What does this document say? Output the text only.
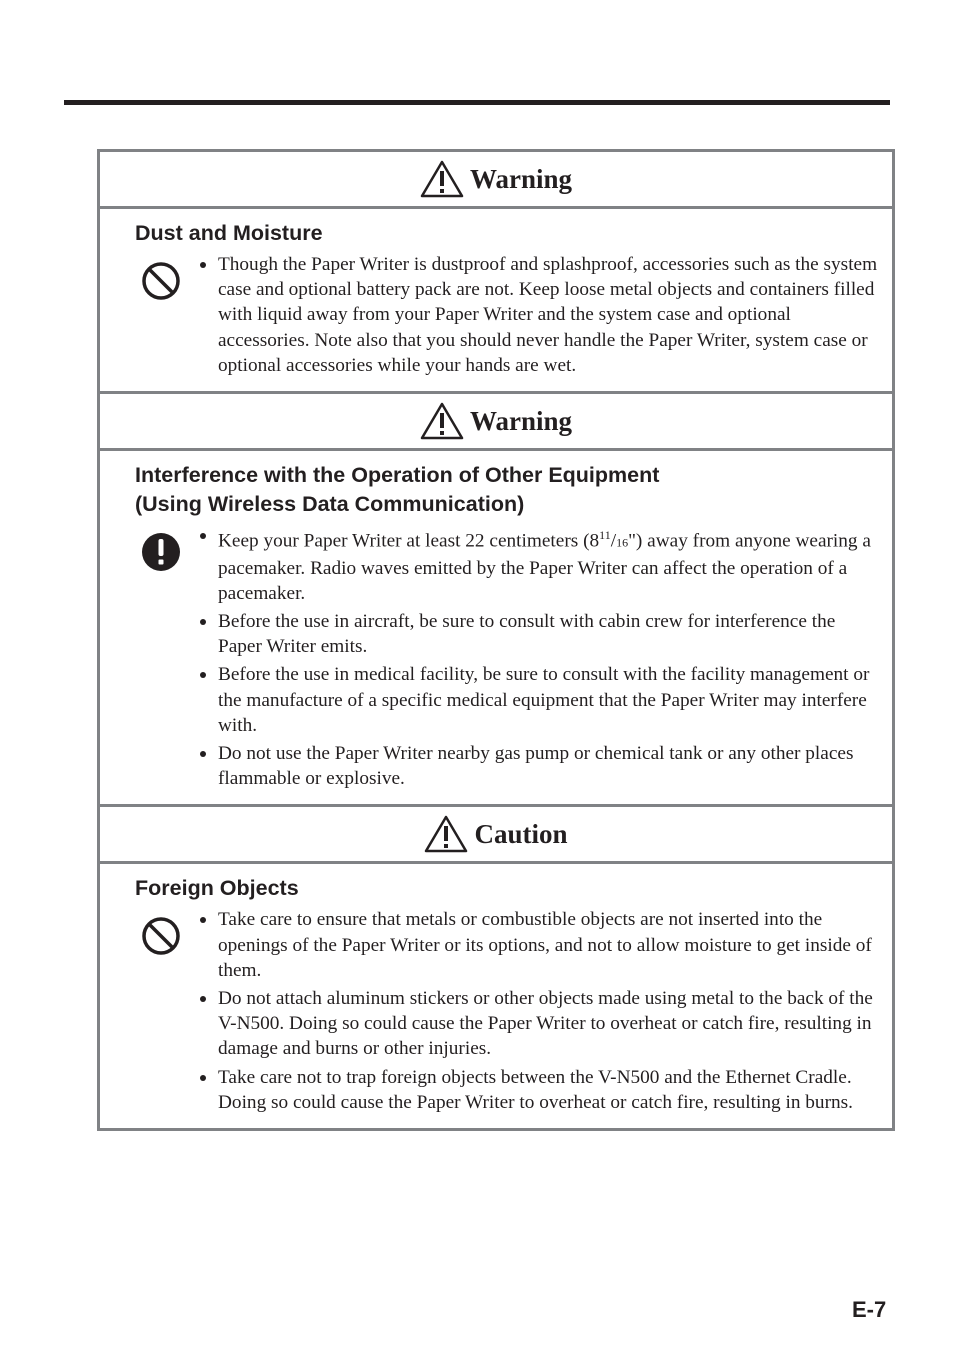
Warning
Dust and Moisture
Though the Paper Writer is dustproof and splashproof, accessories such as the system case and optional battery pack are not. Keep loose metal objects and containers filled with liquid away from your Paper Writer and the system case and optional accessories. Note also that you should never handle the Paper Writer, system case or optional accessories while your hands are wet.
Warning
Interference with the Operation of Other Equipment
(Using Wireless Data Communication)
Keep your Paper Writer at least 22 centimeters $(8^{11}/16")$ away from anyone wearing a pacemaker. Radio waves emitted by the Paper Writer can affect the operation of a pacemaker.
Before the use in aircraft, be sure to consult with cabin crew for interference the Paper Writer emits.
Before the use in medical facility, be sure to consult with the facility management or the manufacture of a specific medical equipment that the Paper Writer may interfere with.
Do not use the Paper Writer nearby gas pump or chemical tank or any other places flammable or explosive.
Caution
Foreign Objects
Take care to ensure that metals or combustible objects are not inserted into the openings of the Paper Writer or its options, and not to allow moisture to get inside of them.
Do not attach aluminum stickers or other objects made using metal to the back of the V-N500. Doing so could cause the Paper Writer to overheat or catch fire, resulting in damage and burns or other injuries.
Take care not to trap foreign objects between the V-N500 and the Ethernet Cradle. Doing so could cause the Paper Writer to overheat or catch fire, resulting in burns.
E-7
